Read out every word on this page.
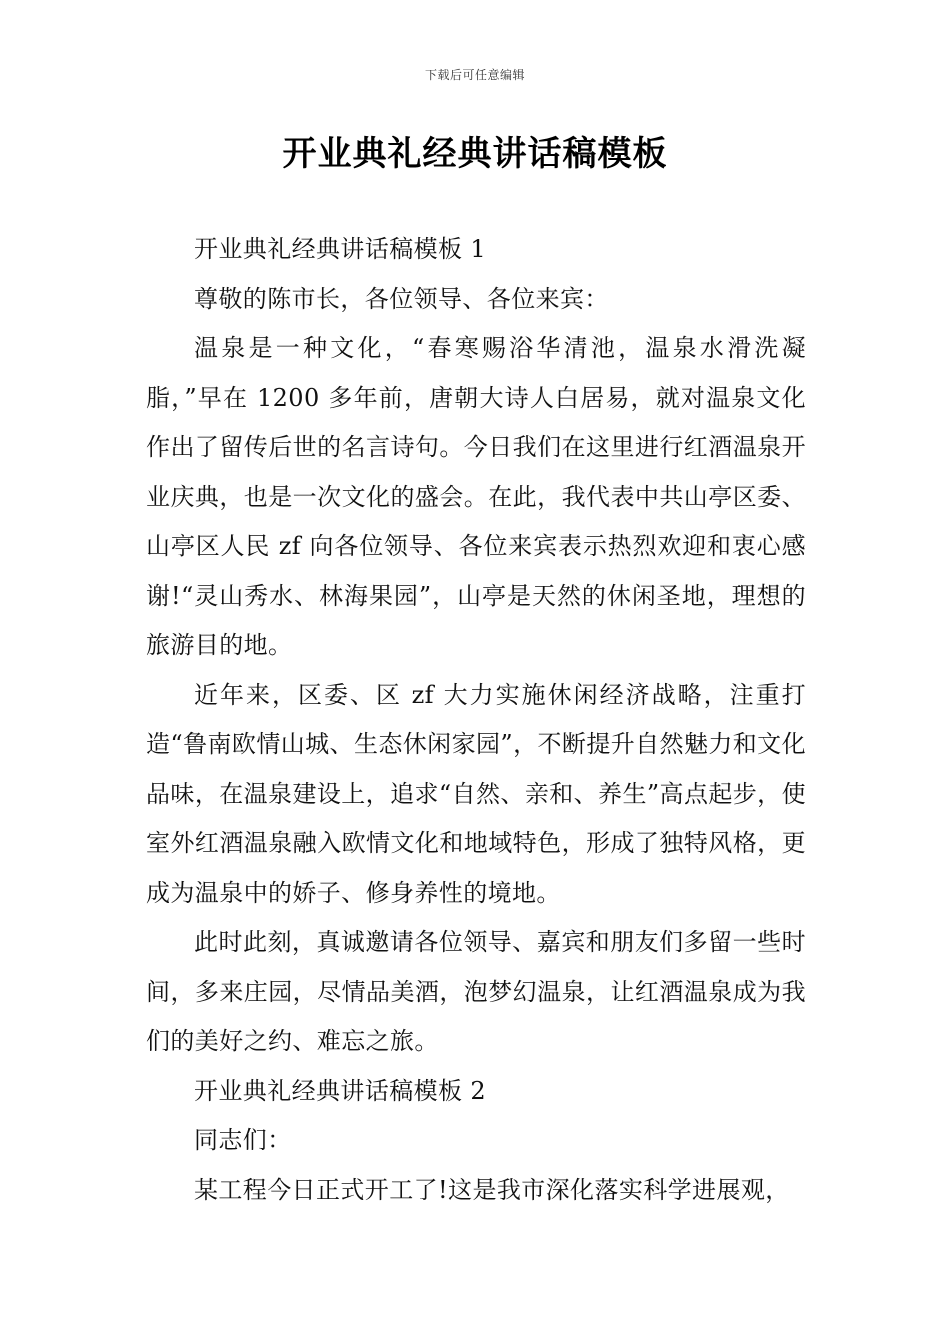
下载后可任意编辑
开业典礼经典讲话稿模板

开业典礼经典讲话稿模板 1

尊敬的陈市长，各位领导、各位来宾：

温泉是一种文化，“春寒赐浴华清池，温泉水滑洗凝脂，”早在 1200 多年前，唐朝大诗人白居易，就对温泉文化作出了留传后世的名言诗句。今日我们在这里进行红酒温泉开业庆典，也是一次文化的盛会。在此，我代表中共山亭区委、山亭区人民 zf 向各位领导、各位来宾表示热烈欢迎和衷心感谢!“灵山秀水、林海果园”，山亭是天然的休闲圣地，理想的旅游目的地。

近年来，区委、区 zf 大力实施休闲经济战略，注重打造“鲁南欧情山城、生态休闲家园”，不断提升自然魅力和文化品味，在温泉建设上，追求“自然、亲和、养生”高点起步，使室外红酒温泉融入欧情文化和地域特色，形成了独特风格，更成为温泉中的娇子、修身养性的境地。

此时此刻，真诚邀请各位领导、嘉宾和朋友们多留一些时间，多来庄园，尽情品美酒，泡梦幻温泉，让红酒温泉成为我们的美好之约、难忘之旅。

开业典礼经典讲话稿模板 2

同志们：

某工程今日正式开工了!这是我市深化落实科学进展观，
